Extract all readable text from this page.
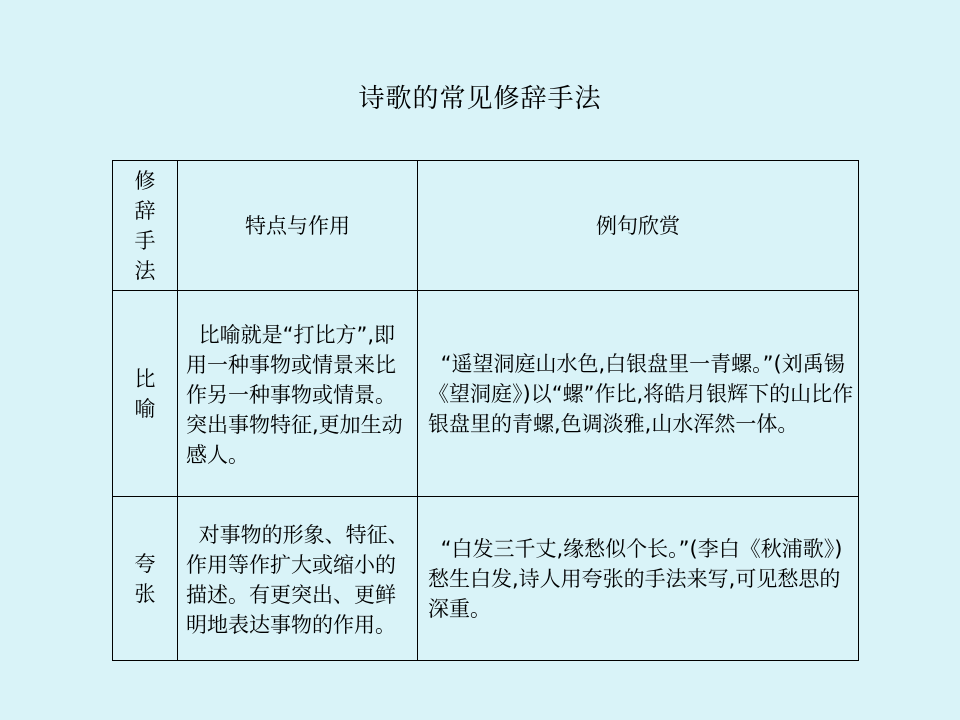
诗歌的常见修辞手法
修
辞
手
法	特点与作用	例句欣赏

比
喻	比喻就是“打比方”,即用一种事物或情景来比作另一种事物或情景。突出事物特征,更加生动感人。	“遥望洞庭山水色,白银盘里一青螺。”(刘禹锡《望洞庭》)以“螺”作比,将皓月银辉下的山比作银盘里的青螺,色调淡雅,山水浑然一体。

夸
张	对事物的形象、特征、作用等作扩大或缩小的描述。有更突出、更鲜明地表达事物的作用。	“白发三千丈,缘愁似个长。”(李白《秋浦歌》)愁生白发,诗人用夸张的手法来写,可见愁思的深重。
